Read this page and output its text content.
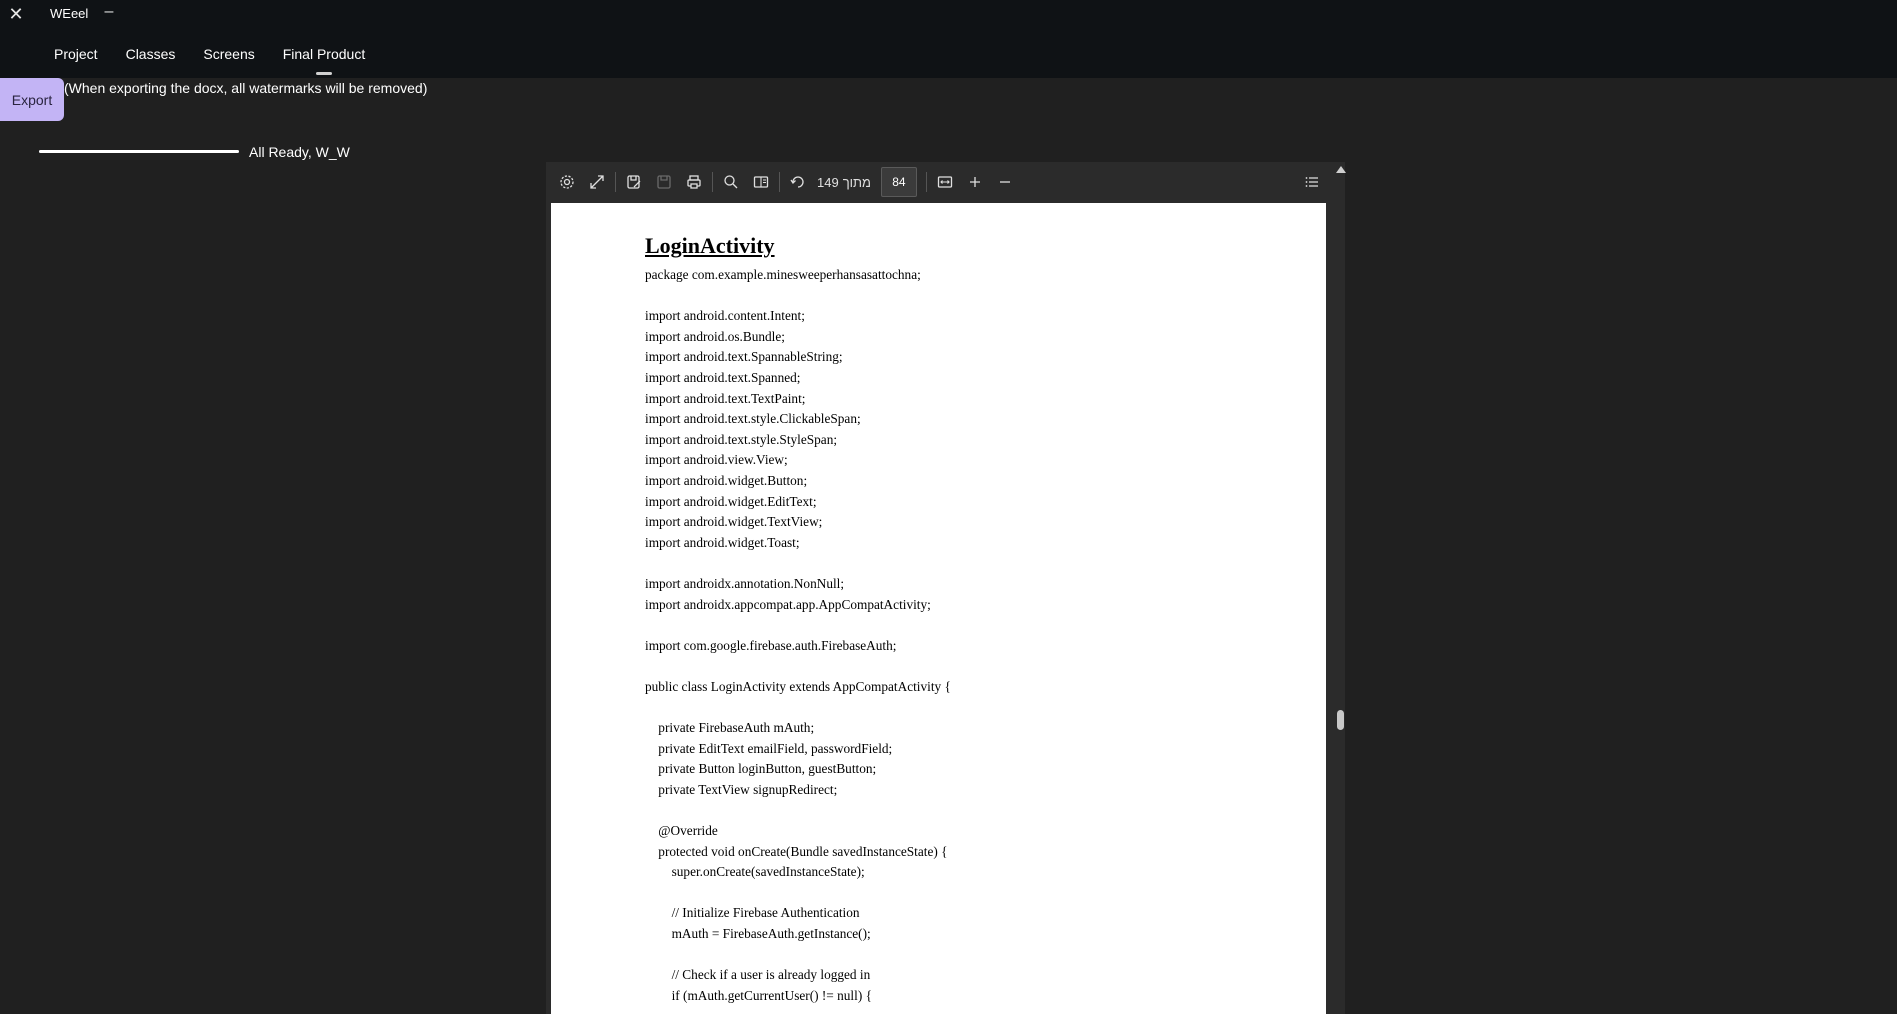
✕ WEeel –
Project Classes Screens Final Product
Export
(When exporting the docx, all watermarks will be removed)
All Ready, W_W
149 מתוך
84
LoginActivity
package com.example.minesweeperhansasattochna;
import android.content.Intent;
import android.os.Bundle;
import android.text.SpannableString;
import android.text.Spanned;
import android.text.TextPaint;
import android.text.style.ClickableSpan;
import android.text.style.StyleSpan;
import android.view.View;
import android.widget.Button;
import android.widget.EditText;
import android.widget.TextView;
import android.widget.Toast;
import androidx.annotation.NonNull;
import androidx.appcompat.app.AppCompatActivity;
import com.google.firebase.auth.FirebaseAuth;
public class LoginActivity extends AppCompatActivity {
private FirebaseAuth mAuth;
private EditText emailField, passwordField;
private Button loginButton, guestButton;
private TextView signupRedirect;
@Override
protected void onCreate(Bundle savedInstanceState) {
super.onCreate(savedInstanceState);
// Initialize Firebase Authentication
mAuth = FirebaseAuth.getInstance();
// Check if a user is already logged in
if (mAuth.getCurrentUser() != null) {
